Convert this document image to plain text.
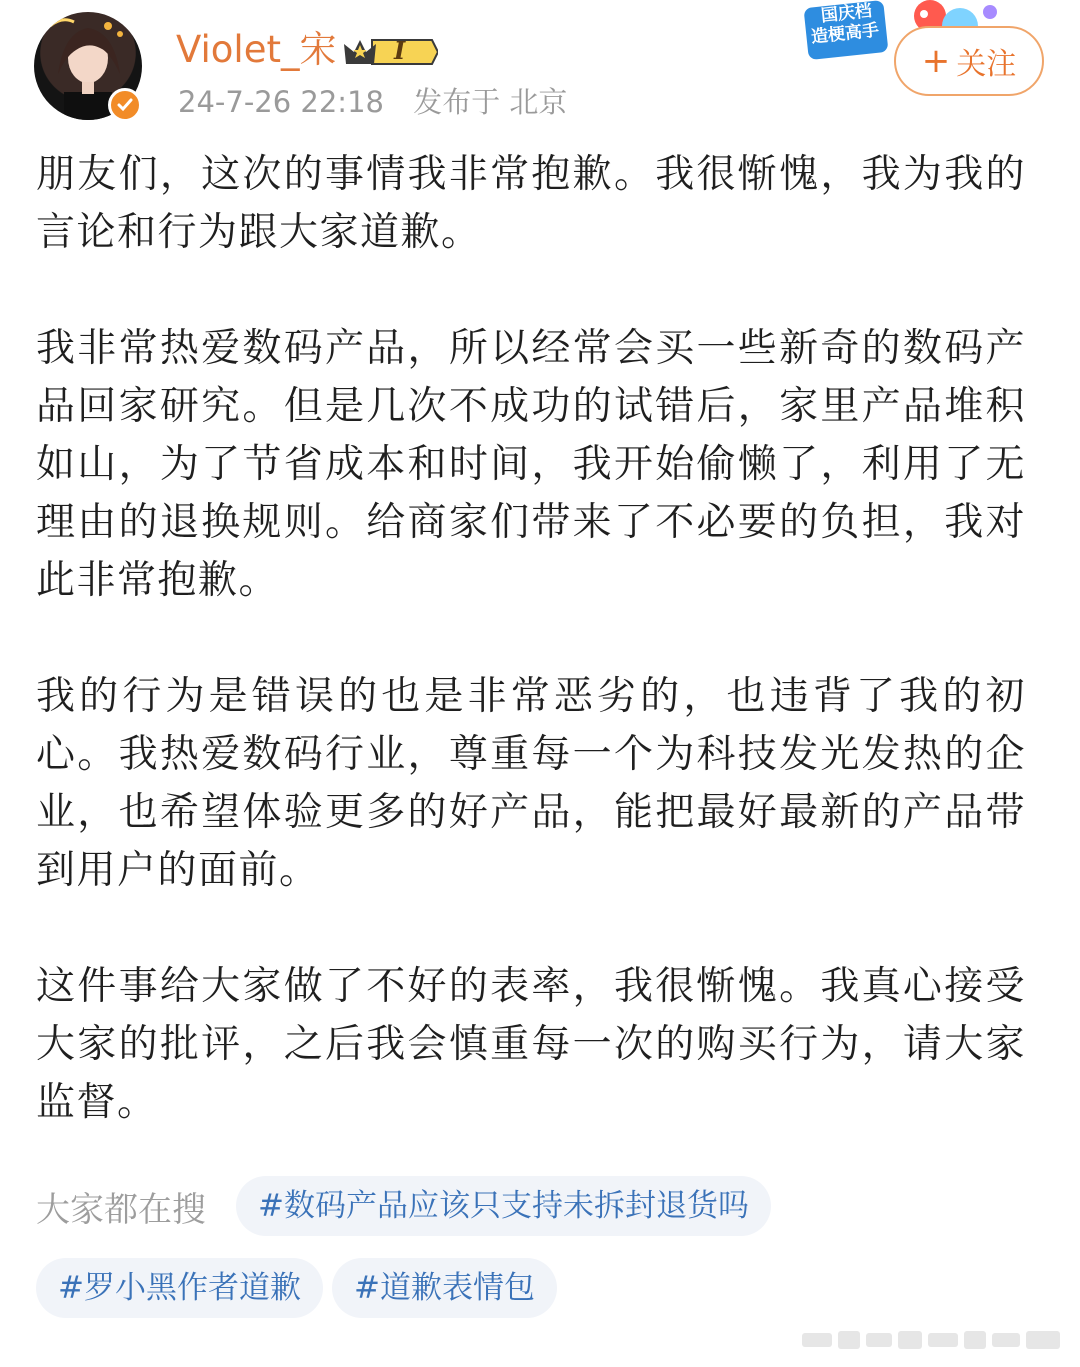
Violet_宋 I
24-7-26 22:18 发布于 北京
国庆档
造梗高手
+ 关注

朋友们，这次的事情我非常抱歉。我很惭愧，我为我的言论和行为跟大家道歉。

我非常热爱数码产品，所以经常会买一些新奇的数码产品回家研究。但是几次不成功的试错后，家里产品堆积如山，为了节省成本和时间，我开始偷懒了，利用了无理由的退换规则。给商家们带来了不必要的负担，我对此非常抱歉。

我的行为是错误的也是非常恶劣的，也违背了我的初心。我热爱数码行业，尊重每一个为科技发光发热的企业，也希望体验更多的好产品，能把最好最新的产品带到用户的面前。

这件事给大家做了不好的表率，我很惭愧。我真心接受大家的批评，之后我会慎重每一次的购买行为，请大家监督。

大家都在搜	#数码产品应该只支持未拆封退货吗
#罗小黑作者道歉	#道歉表情包
